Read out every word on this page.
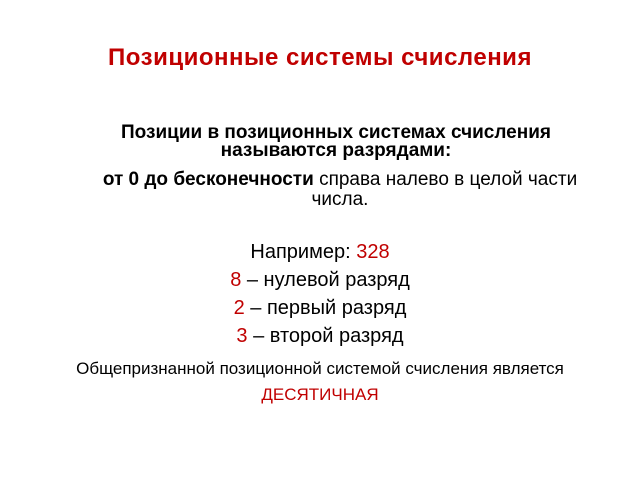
Позиционные системы счисления
Позиции в позиционных системах счисления называются разрядами:
от 0 до бесконечности справа налево в целой части числа.
Например: 328
8 – нулевой разряд
2 – первый разряд
3 – второй разряд
Общепризнанной позиционной системой счисления является
ДЕСЯТИЧНАЯ
